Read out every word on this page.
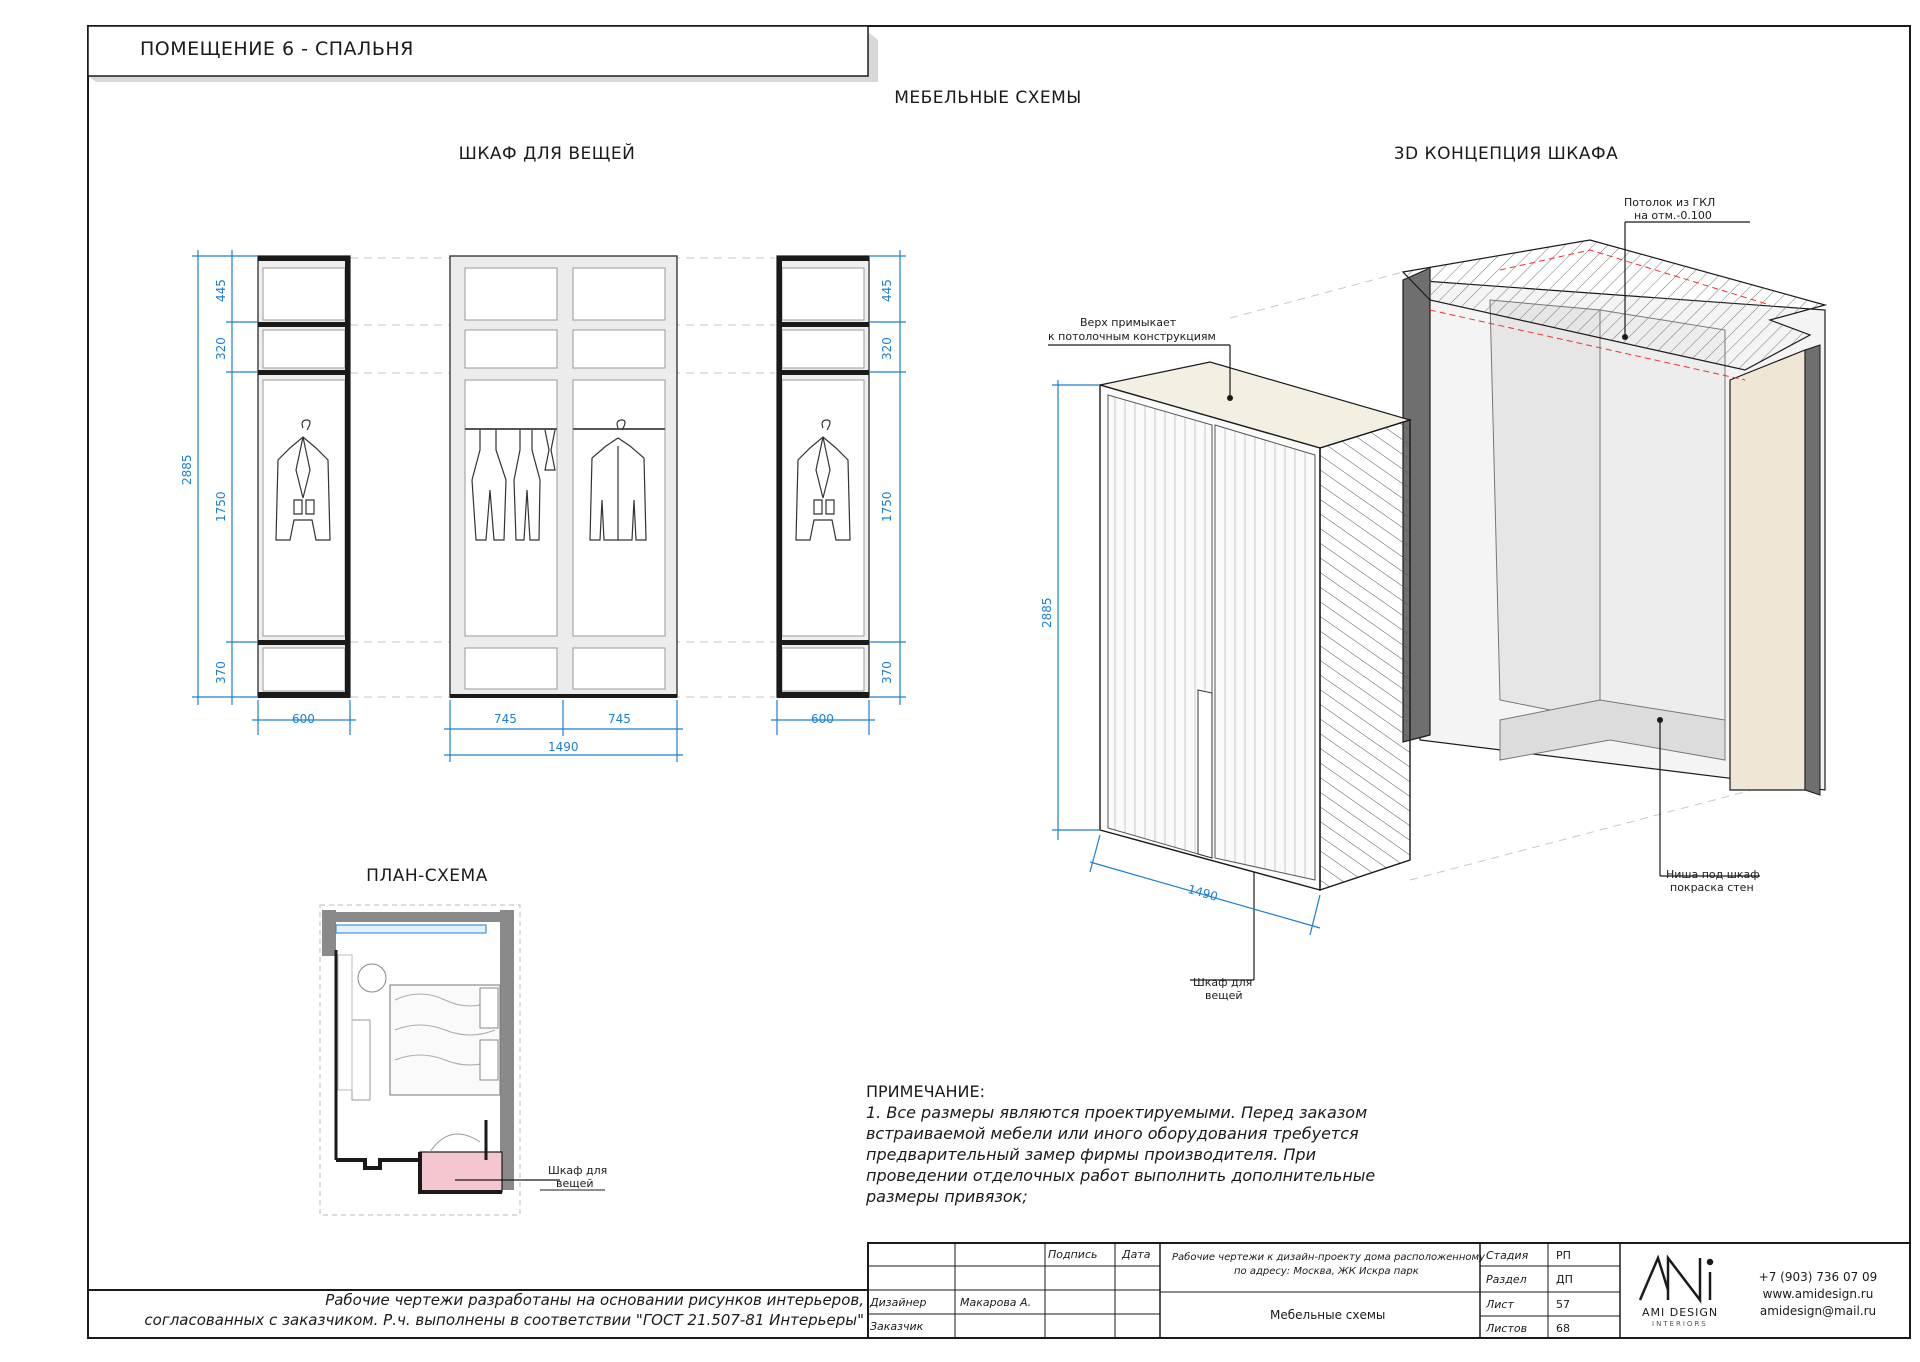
ПОМЕЩЕНИЕ 6 - СПАЛЬНЯ
МЕБЕЛЬНЫЕ СХЕМЫ
ШКАФ ДЛЯ ВЕЩЕЙ	3D КОНЦЕПЦИЯ ШКАФА
ПЛАН-СХЕМА
2885
445
320
1750
370
445
320
1750
370
600	600
745	745
1490
Потолок из ГКЛ
на отм.-0.100
Верх примыкает
к потолочным конструкциям
2885
1490
Шкаф для
вещей
Ниша под шкаф
покраска стен
Шкаф для
вещей
ПРИМЕЧАНИЕ:
1. Все размеры являются проектируемыми. Перед заказом
встраиваемой мебели или иного оборудования требуется
предварительный замер фирмы производителя. При
проведении отделочных работ выполнить дополнительные
размеры привязок;
Рабочие чертежи разработаны на основании рисунков интерьеров,
согласованных с заказчиком. Р.ч. выполнены в соответствии "ГОСТ 21.507-81 Интерьеры"
Подпись Дата
Дизайнер	Макарова А.
Заказчик
Рабочие чертежи к дизайн-проекту дома расположенному
по адресу: Москва, ЖК Искра парк
Мебельные схемы
Стадия	РП
Раздел	ДП
Лист	57
Листов	68
AMI DESIGN
INTERIORS
+7 (903) 736 07 09
www.amidesign.ru
amidesign@mail.ru
